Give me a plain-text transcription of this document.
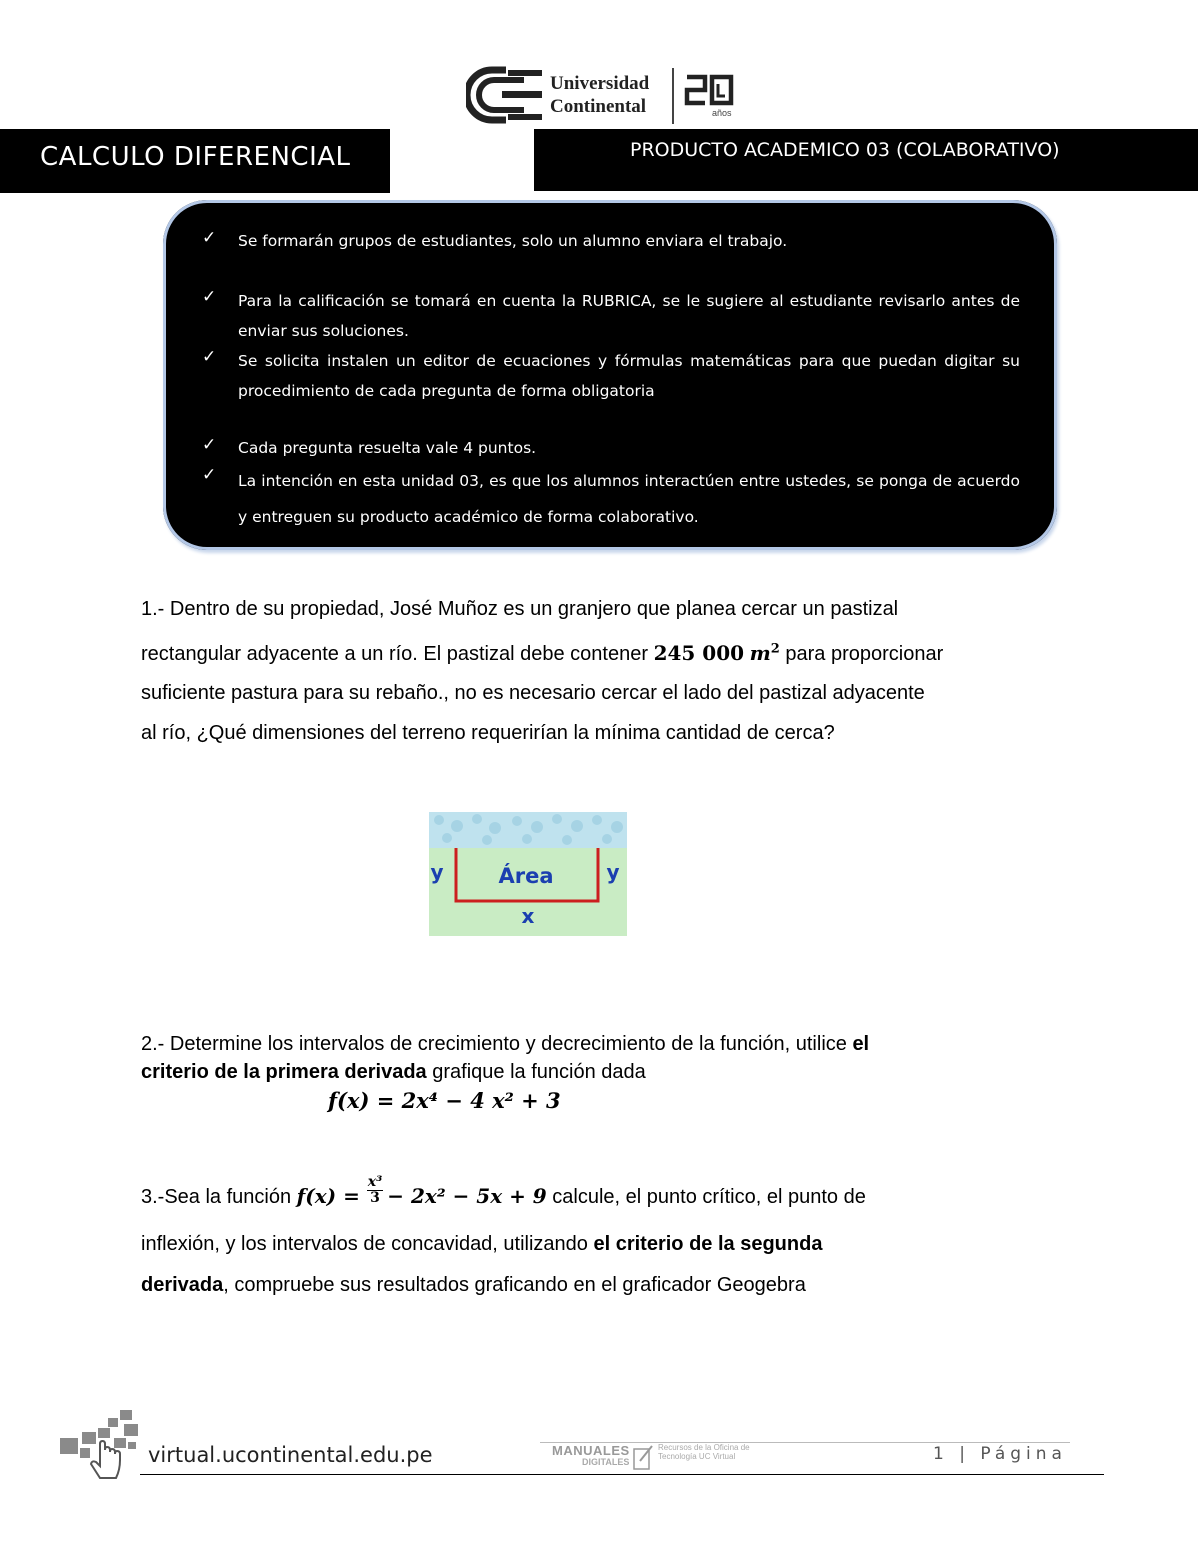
Universidad
Continental	años
CALCULO DIFERENCIAL	PRODUCTO ACADEMICO 03 (COLABORATIVO)
✓ Se formarán grupos de estudiantes, solo un alumno enviara el trabajo.
✓ Para la calificación se tomará en cuenta la RUBRICA, se le sugiere al estudiante revisarlo antes de enviar sus soluciones.
✓ Se solicita instalen un editor de ecuaciones y fórmulas matemáticas para que puedan digitar su procedimiento de cada pregunta de forma obligatoria
✓ Cada pregunta resuelta vale 4 puntos.
✓ La intención en esta unidad 03, es que los alumnos interactúen entre ustedes, se ponga de acuerdo y entreguen su producto académico de forma colaborativo.
1.- Dentro de su propiedad, José Muñoz es un granjero que planea cercar un pastizal
rectangular adyacente a un río. El pastizal debe contener 245 000 $m^2$ para proporcionar
suficiente pastura para su rebaño., no es necesario cercar el lado del pastizal adyacente
al río, ¿Qué dimensiones del terreno requerirían la mínima cantidad de cerca?
Área
y	y
x
2.- Determine los intervalos de crecimiento y decrecimiento de la función, utilice el
criterio de la primera derivada grafique la función dada
f(x) = 2x⁴ − 4 x² + 3
3.-Sea la función $f(x) = \frac{\text{x³}}{3} - 2x^2 - 5x + 9$ calcule, el punto crítico, el punto de
inflexión, y los intervalos de concavidad, utilizando el criterio de la segunda
derivada, compruebe sus resultados graficando en el graficador Geogebra
virtual.ucontinental.edu.pe	MANUALES
DIGITALES
Recursos de la Oficina de Tecnología UC Virtual	1 | Página
